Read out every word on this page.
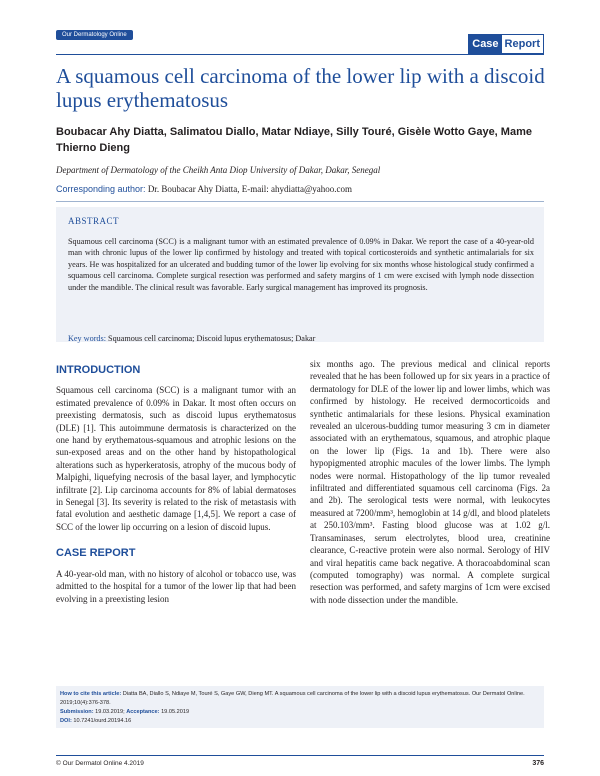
Our Dermatology Online
Case Report
A squamous cell carcinoma of the lower lip with a discoid lupus erythematosus

Boubacar Ahy Diatta, Salimatou Diallo, Matar Ndiaye, Silly Touré, Gisèle Wotto Gaye, Mame Thierno Dieng

Department of Dermatology of the Cheikh Anta Diop University of Dakar, Dakar, Senegal
Corresponding author: Dr. Boubacar Ahy Diatta, E-mail: ahydiatta@yahoo.com
ABSTRACT

Squamous cell carcinoma (SCC) is a malignant tumor with an estimated prevalence of 0.09% in Dakar. We report the case of a 40-year-old man with chronic lupus of the lower lip confirmed by histology and treated with topical corticosteroids and synthetic antimalarials for six years. He was hospitalized for an ulcerated and budding tumor of the lower lip evolving for six months whose histological study confirmed a squamous cell carcinoma. Complete surgical resection was performed and safety margins of 1 cm were excised with lymph node dissection under the mandible. The clinical result was favorable. Early surgical management has improved its prognosis.

Key words: Squamous cell carcinoma; Discoid lupus erythematosus; Dakar

INTRODUCTION

Squamous cell carcinoma (SCC) is a malignant tumor with an estimated prevalence of 0.09% in Dakar. It most often occurs on preexisting dermatosis, such as discoid lupus erythematosus (DLE) [1]. This autoimmune dermatosis is characterized on the one hand by erythematous-squamous and atrophic lesions on the sun-exposed areas and on the other hand by histopathological alterations such as hyperkeratosis, atrophy of the mucous body of Malpighi, liquefying necrosis of the basal layer, and lymphocytic infiltrate [2]. Lip carcinoma accounts for 8% of labial dermatoses in Senegal [3]. Its severity is related to the risk of metastasis with fatal evolution and aesthetic damage [1,4,5]. We report a case of SCC of the lower lip occurring on a lesion of discoid lupus.

CASE REPORT

A 40-year-old man, with no history of alcohol or tobacco use, was admitted to the hospital for a tumor of the lower lip that had been evolving in a preexisting lesion

six months ago. The previous medical and clinical reports revealed that he has been followed up for six years in a practice of dermatology for DLE of the lower lip and lower limbs, which was confirmed by histology. He received dermocorticoids and synthetic antimalarials for these lesions. Physical examination revealed an ulcerous-budding tumor measuring 3 cm in diameter associated with an erythematous, squamous, and atrophic plaque on the lower lip (Figs. 1a and 1b). There were also hypopigmented atrophic macules of the lower limbs. The lymph nodes were normal. Histopathology of the lip tumor revealed infiltrated and differentiated squamous cell carcinoma (Figs. 2a and 2b). The serological tests were normal, with leukocytes measured at 7200/mm³, hemoglobin at 14 g/dl, and blood platelets at 250.103/mm³. Fasting blood glucose was at 1.02 g/l. Transaminases, serum electrolytes, blood urea, creatinine clearance, C-reactive protein were also normal. Serology of HIV and viral hepatitis came back negative. A thoracoabdominal scan (computed tomography) was normal. A complete surgical resection was performed, and safety margins of 1cm were excised with node dissection under the mandible.

How to cite this article: Diatta BA, Diallo S, Ndiaye M, Touré S, Gaye GW, Dieng MT. A squamous cell carcinoma of the lower lip with a discoid lupus erythematosus. Our Dermatol Online. 2019;10(4):376-378.
Submission: 19.03.2019; Acceptance: 19.05.2019
DOI: 10.7241/ourd.20194.16
© Our Dermatol Online 4.2019	376
